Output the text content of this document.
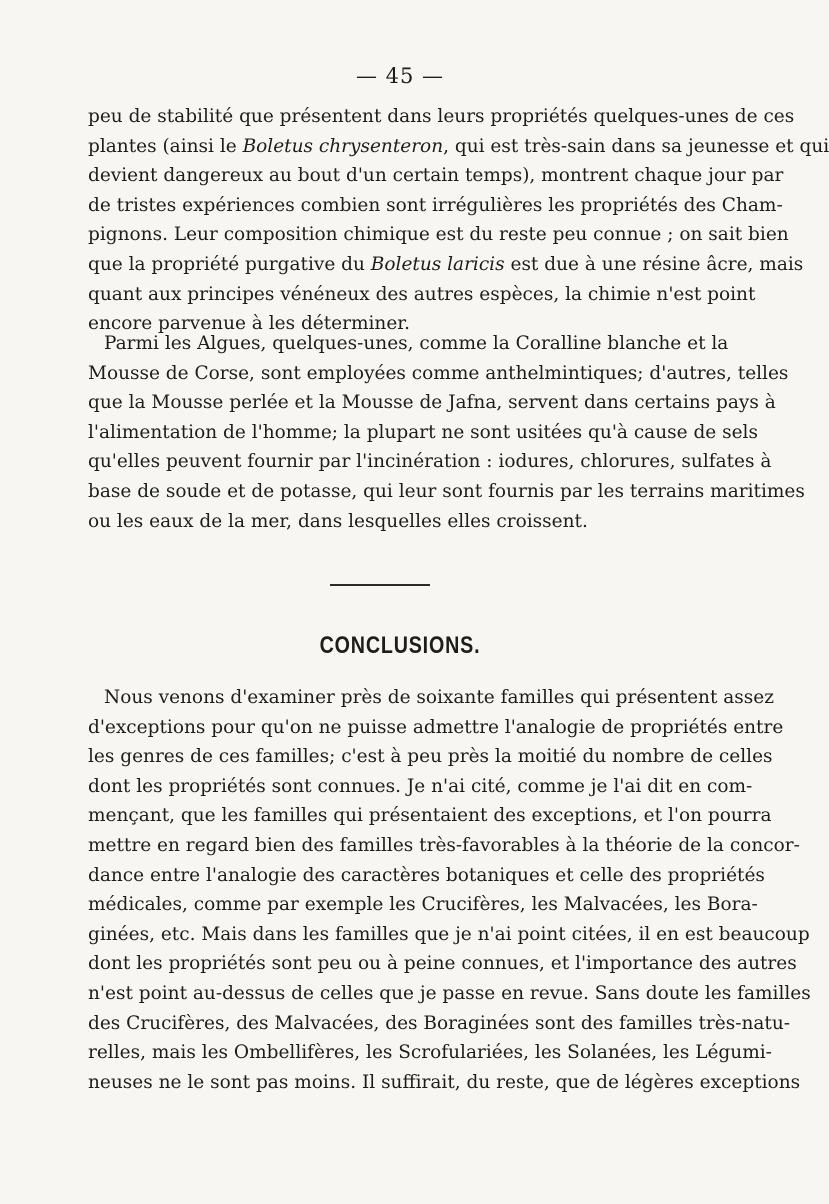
— 45 —
peu de stabilité que présentent dans leurs propriétés quelques-unes de ces
plantes (ainsi le Boletus chrysenteron, qui est très-sain dans sa jeunesse et qui
devient dangereux au bout d'un certain temps), montrent chaque jour par
de tristes expériences combien sont irrégulières les propriétés des Cham-
pignons. Leur composition chimique est du reste peu connue ; on sait bien
que la propriété purgative du Boletus laricis est due à une résine âcre, mais
quant aux principes vénéneux des autres espèces, la chimie n'est point
encore parvenue à les déterminer.
Parmi les Algues, quelques-unes, comme la Coralline blanche et la
Mousse de Corse, sont employées comme anthelmintiques; d'autres, telles
que la Mousse perlée et la Mousse de Jafna, servent dans certains pays à
l'alimentation de l'homme; la plupart ne sont usitées qu'à cause de sels
qu'elles peuvent fournir par l'incinération : iodures, chlorures, sulfates à
base de soude et de potasse, qui leur sont fournis par les terrains maritimes
ou les eaux de la mer, dans lesquelles elles croissent.
CONCLUSIONS.
Nous venons d'examiner près de soixante familles qui présentent assez
d'exceptions pour qu'on ne puisse admettre l'analogie de propriétés entre
les genres de ces familles; c'est à peu près la moitié du nombre de celles
dont les propriétés sont connues. Je n'ai cité, comme je l'ai dit en com-
mençant, que les familles qui présentaient des exceptions, et l'on pourra
mettre en regard bien des familles très-favorables à la théorie de la concor-
dance entre l'analogie des caractères botaniques et celle des propriétés
médicales, comme par exemple les Crucifères, les Malvacées, les Bora-
ginées, etc. Mais dans les familles que je n'ai point citées, il en est beaucoup
dont les propriétés sont peu ou à peine connues, et l'importance des autres
n'est point au-dessus de celles que je passe en revue. Sans doute les familles
des Crucifères, des Malvacées, des Boraginées sont des familles très-natu-
relles, mais les Ombellifères, les Scrofulariées, les Solanées, les Légumi-
neuses ne le sont pas moins. Il suffirait, du reste, que de légères exceptions
